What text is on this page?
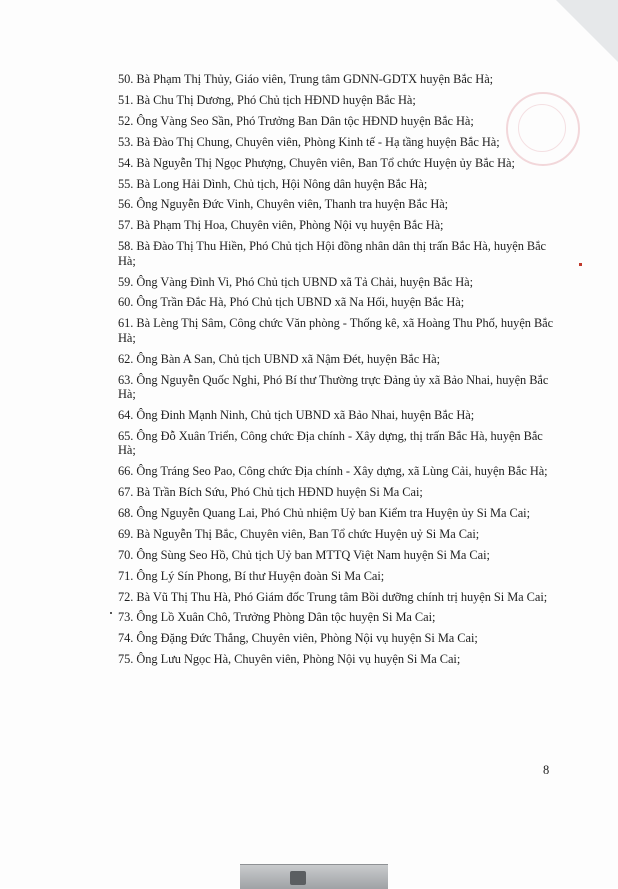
50. Bà Phạm Thị Thủy, Giáo viên, Trung tâm GDNN-GDTX huyện Bắc Hà;
51. Bà Chu Thị Dương, Phó Chủ tịch HĐND huyện Bắc Hà;
52. Ông Vàng Seo Sần, Phó Trưởng Ban Dân tộc HĐND huyện Bắc Hà;
53. Bà Đào Thị Chung, Chuyên viên, Phòng Kinh tế - Hạ tầng huyện Bắc Hà;
54. Bà Nguyễn Thị Ngọc Phượng, Chuyên viên, Ban Tổ chức Huyện ủy Bắc Hà;
55. Bà Long Hải Dình, Chủ tịch, Hội Nông dân huyện Bắc Hà;
56. Ông Nguyễn Đức Vinh, Chuyên viên, Thanh tra huyện Bắc Hà;
57. Bà Phạm Thị Hoa, Chuyên viên, Phòng Nội vụ huyện Bắc Hà;
58. Bà Đào Thị Thu Hiền, Phó Chủ tịch Hội đồng nhân dân thị trấn Bắc Hà, huyện Bắc Hà;
59. Ông Vàng Đình Vi, Phó Chủ tịch UBND xã Tả Chải, huyện Bắc Hà;
60. Ông Trần Đắc Hà, Phó Chủ tịch UBND xã Na Hối, huyện Bắc Hà;
61. Bà Lèng Thị Sâm, Công chức Văn phòng - Thống kê, xã Hoàng Thu Phố, huyện Bắc Hà;
62. Ông Bàn A San, Chủ tịch UBND xã Nậm Đét, huyện Bắc Hà;
63. Ông Nguyễn Quốc Nghi, Phó Bí thư Thường trực Đảng ủy xã Bảo Nhai, huyện Bắc Hà;
64. Ông Đinh Mạnh Ninh, Chủ tịch UBND xã Bảo Nhai, huyện Bắc Hà;
65. Ông Đỗ Xuân Triển, Công chức Địa chính - Xây dựng, thị trấn Bắc Hà, huyện Bắc Hà;
66. Ông Tráng Seo Pao, Công chức Địa chính - Xây dựng, xã Lùng Cải, huyện Bắc Hà;
67. Bà Trần Bích Sứu, Phó Chủ tịch HĐND huyện Si Ma Cai;
68. Ông Nguyễn Quang Lai, Phó Chủ nhiệm Uỷ ban Kiểm tra Huyện ủy Si Ma Cai;
69. Bà Nguyễn Thị Bắc, Chuyên viên, Ban Tổ chức Huyện uỷ Si Ma Cai;
70. Ông Sùng Seo Hồ, Chủ tịch Uỷ ban MTTQ Việt Nam huyện Si Ma Cai;
71. Ông Lý Sín Phong, Bí thư Huyện đoàn Si Ma Cai;
72. Bà Vũ Thị Thu Hà, Phó Giám đốc Trung tâm Bồi dưỡng chính trị huyện Si Ma Cai;
73. Ông Lồ Xuân Chô, Trưởng Phòng Dân tộc huyện Si Ma Cai;
74. Ông Đặng Đức Thắng, Chuyên viên, Phòng Nội vụ huyện Si Ma Cai;
75. Ông Lưu Ngọc Hà, Chuyên viên, Phòng Nội vụ huyện Si Ma Cai;
8
